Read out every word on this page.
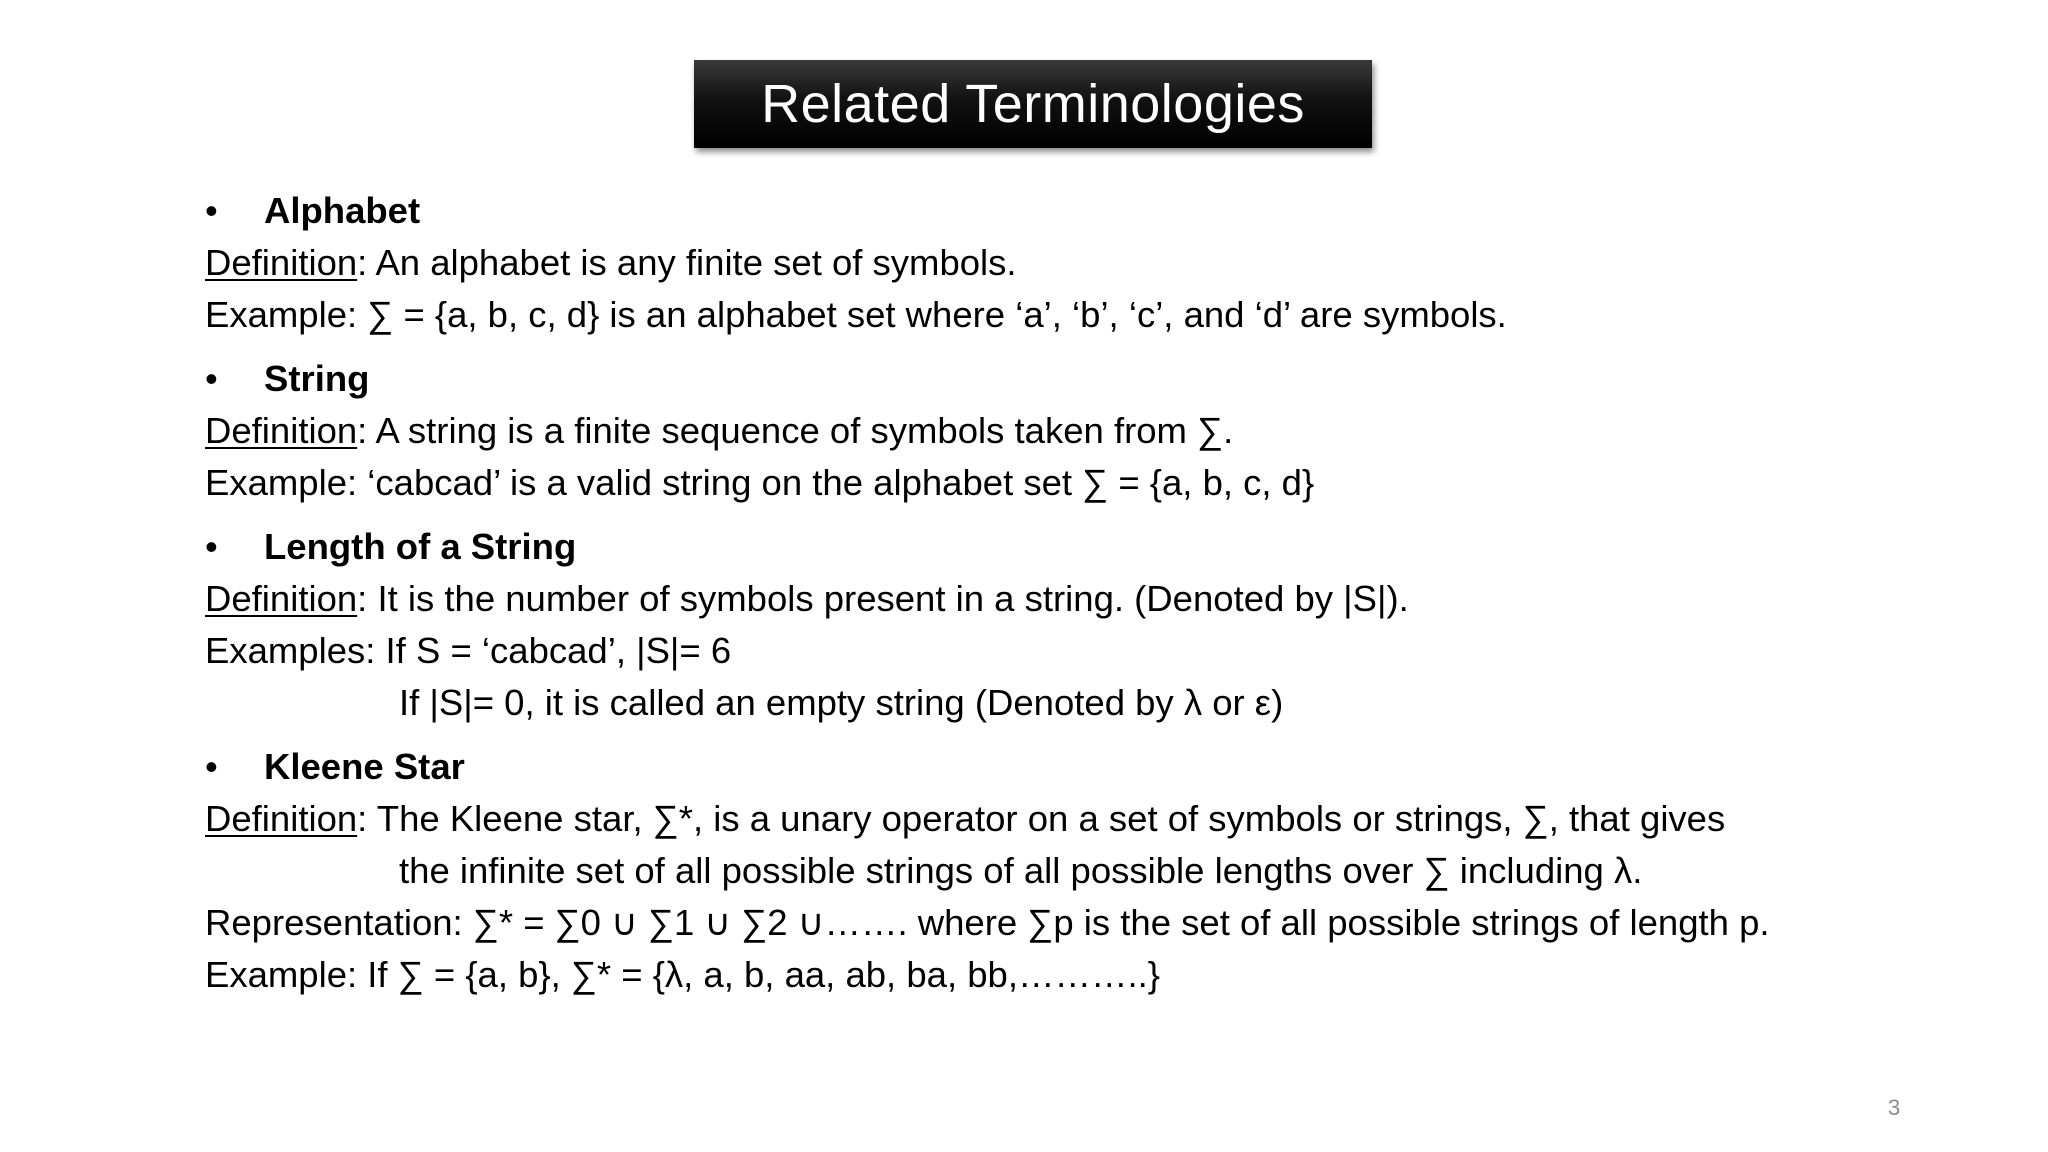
Related Terminologies
•	Alphabet
Definition: An alphabet is any finite set of symbols.
Example: ∑ = {a, b, c, d} is an alphabet set where ‘a’, ‘b’, ‘c’, and ‘d’ are symbols.
•	String
Definition: A string is a finite sequence of symbols taken from ∑.
Example: ‘cabcad’ is a valid string on the alphabet set ∑ = {a, b, c, d}
•	Length of a String
Definition: It is the number of symbols present in a string. (Denoted by |S|).
Examples: If S = ‘cabcad’, |S|= 6
If |S|= 0, it is called an empty string (Denoted by λ or ε)
•	Kleene Star
Definition: The Kleene star, ∑*, is a unary operator on a set of symbols or strings, ∑, that gives
the infinite set of all possible strings of all possible lengths over ∑ including λ.
Representation: ∑* = ∑0 ∪ ∑1 ∪ ∑2 ∪……. where ∑p is the set of all possible strings of length p.
Example: If ∑ = {a, b}, ∑* = {λ, a, b, aa, ab, ba, bb,………..}
3
